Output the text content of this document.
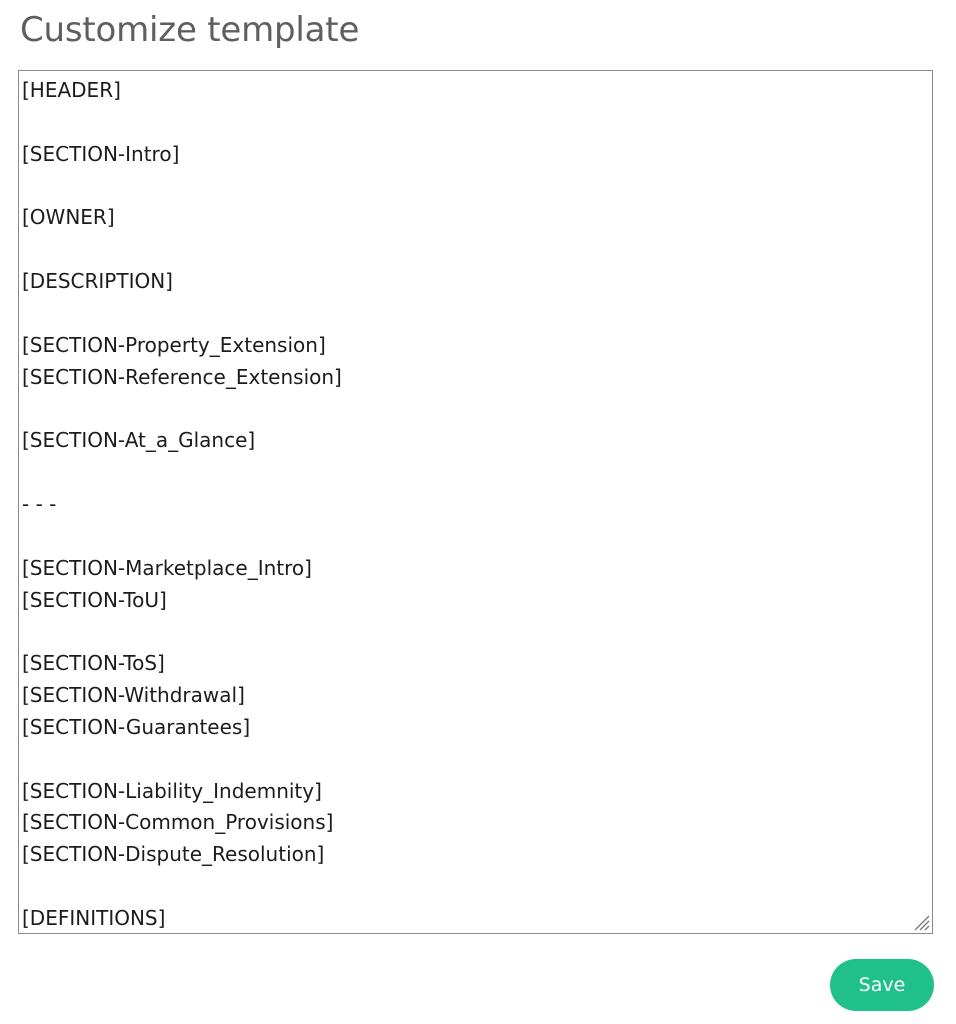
Customize template
[HEADER]

[SECTION-Intro]

[OWNER]

[DESCRIPTION]

[SECTION-Property_Extension]
[SECTION-Reference_Extension]

[SECTION-At_a_Glance]

- - -

[SECTION-Marketplace_Intro]
[SECTION-ToU]

[SECTION-ToS]
[SECTION-Withdrawal]
[SECTION-Guarantees]

[SECTION-Liability_Indemnity]
[SECTION-Common_Provisions]
[SECTION-Dispute_Resolution]

[DEFINITIONS]
Save
